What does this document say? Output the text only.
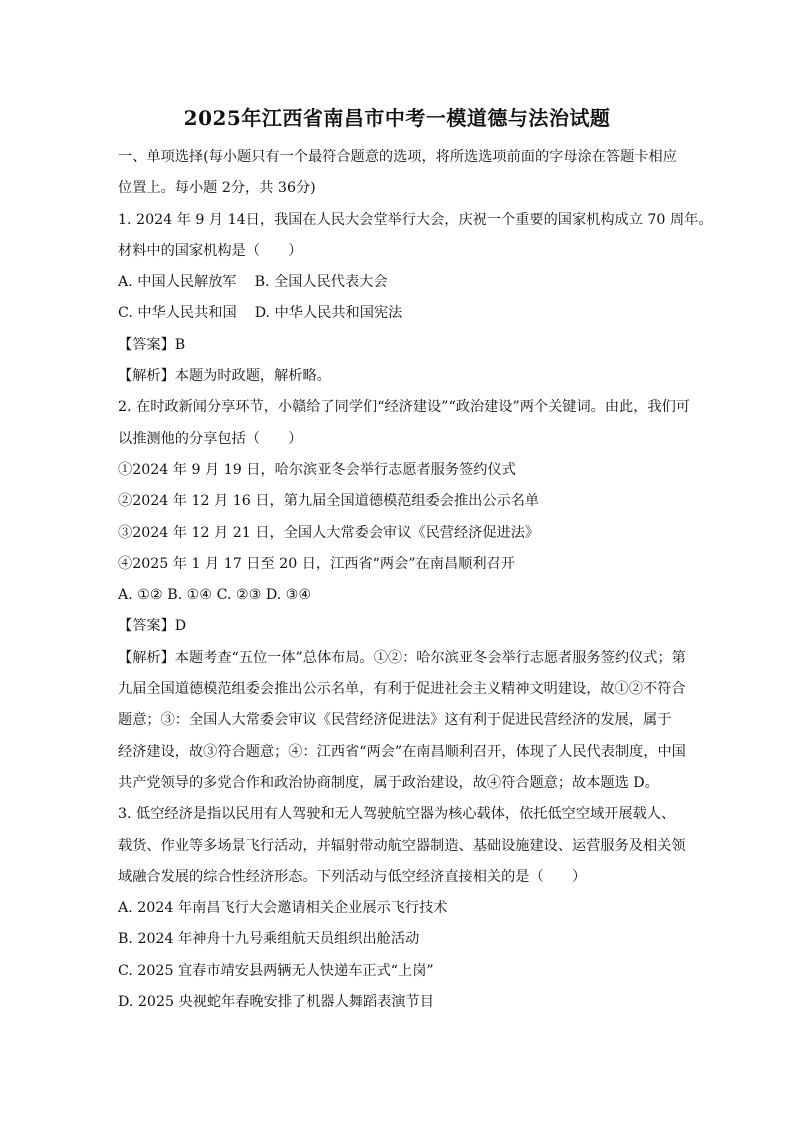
2025年江西省南昌市中考一模道德与法治试题
一、单项选择(每小题只有一个最符合题意的选项，将所选选项前面的字母涂在答题卡相应
位置上。每小题 2分，共 36分)
1. 2024 年 9 月 14日，我国在人民大会堂举行大会，庆祝一个重要的国家机构成立 70 周年。
材料中的国家机构是（　　）
A. 中国人民解放军 B. 全国人民代表大会
C. 中华人民共和国 D. 中华人民共和国宪法
【答案】B
【解析】本题为时政题，解析略。
2. 在时政新闻分享环节，小赣给了同学们“经济建设”“政治建设”两个关键词。由此，我们可
以推测他的分享包括（　　）
①2024 年 9 月 19 日，哈尔滨亚冬会举行志愿者服务签约仪式
②2024 年 12 月 16 日，第九届全国道德模范组委会推出公示名单
③2024 年 12 月 21 日，全国人大常委会审议《民营经济促进法》
④2025 年 1 月 17 日至 20 日，江西省“两会”在南昌顺利召开
A. ①② B. ①④ C. ②③ D. ③④
【答案】D
【解析】本题考查“五位一体”总体布局。①②：哈尔滨亚冬会举行志愿者服务签约仪式；第
九届全国道德模范组委会推出公示名单，有利于促进社会主义精神文明建设，故①②不符合
题意；③：全国人大常委会审议《民营经济促进法》这有利于促进民营经济的发展，属于
经济建设，故③符合题意；④：江西省“两会”在南昌顺利召开，体现了人民代表制度，中国
共产党领导的多党合作和政治协商制度，属于政治建设，故④符合题意；故本题选 D。
3. 低空经济是指以民用有人驾驶和无人驾驶航空器为核心载体，依托低空空域开展载人、
载货、作业等多场景飞行活动，并辐射带动航空器制造、基础设施建设、运营服务及相关领
域融合发展的综合性经济形态。下列活动与低空经济直接相关的是（　　）
A. 2024 年南昌飞行大会邀请相关企业展示飞行技术
B. 2024 年神舟十九号乘组航天员组织出舱活动
C. 2025 宜春市靖安县两辆无人快递车正式“上岗”
D. 2025 央视蛇年春晚安排了机器人舞蹈表演节目
